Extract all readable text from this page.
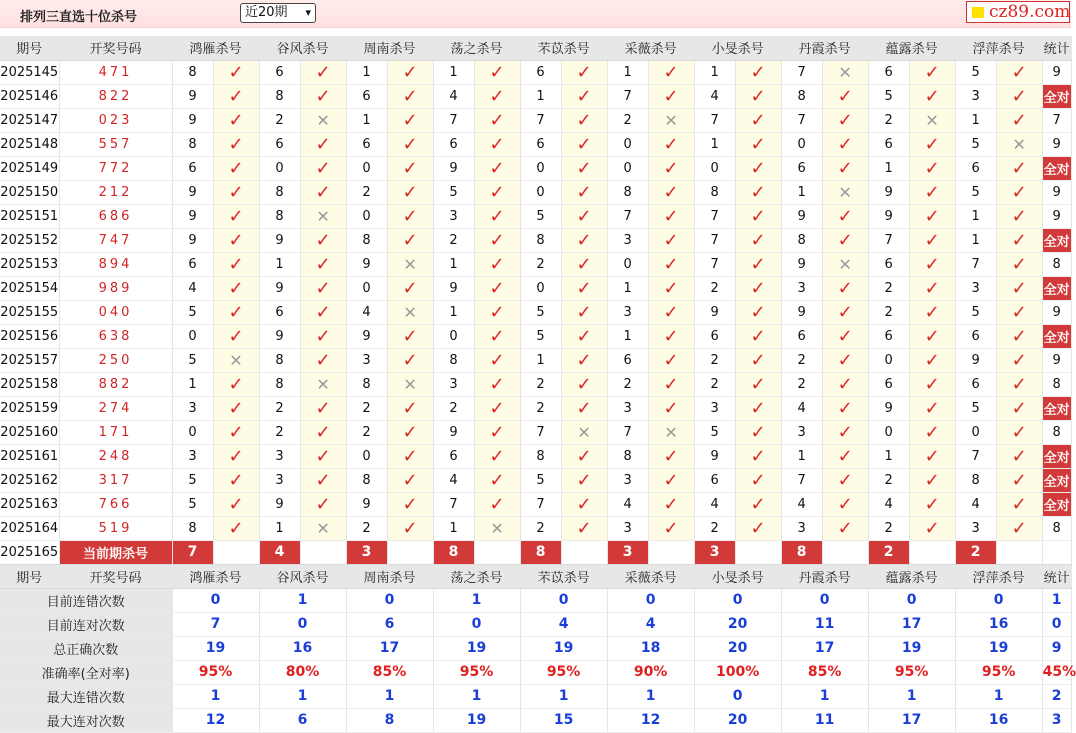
排列三直选十位杀号	近20期 ▾	cz89.com
期号	开奖号码	鸿雁杀号		谷风杀号		周南杀号		荡之杀号		芣苡杀号		采薇杀号		小旻杀号		丹霞杀号		蕴露杀号		浮萍杀号		统计
2025145	471	8	✓	6	✓	1	✓	1	✓	6	✓	1	✓	1	✓	7	✕	6	✓	5	✓	9
2025146	822	9	✓	8	✓	6	✓	4	✓	1	✓	7	✓	4	✓	8	✓	5	✓	3	✓	全对
2025147	023	9	✓	2	✕	1	✓	7	✓	7	✓	2	✕	7	✓	7	✓	2	✕	1	✓	7
2025148	557	8	✓	6	✓	6	✓	6	✓	6	✓	0	✓	1	✓	0	✓	6	✓	5	✕	9
2025149	772	6	✓	0	✓	0	✓	9	✓	0	✓	0	✓	0	✓	6	✓	1	✓	6	✓	全对
2025150	212	9	✓	8	✓	2	✓	5	✓	0	✓	8	✓	8	✓	1	✕	9	✓	5	✓	9
2025151	686	9	✓	8	✕	0	✓	3	✓	5	✓	7	✓	7	✓	9	✓	9	✓	1	✓	9
2025152	747	9	✓	9	✓	8	✓	2	✓	8	✓	3	✓	7	✓	8	✓	7	✓	1	✓	全对
2025153	894	6	✓	1	✓	9	✕	1	✓	2	✓	0	✓	7	✓	9	✕	6	✓	7	✓	8
2025154	989	4	✓	9	✓	0	✓	9	✓	0	✓	1	✓	2	✓	3	✓	2	✓	3	✓	全对
2025155	040	5	✓	6	✓	4	✕	1	✓	5	✓	3	✓	9	✓	9	✓	2	✓	5	✓	9
2025156	638	0	✓	9	✓	9	✓	0	✓	5	✓	1	✓	6	✓	6	✓	6	✓	6	✓	全对
2025157	250	5	✕	8	✓	3	✓	8	✓	1	✓	6	✓	2	✓	2	✓	0	✓	9	✓	9
2025158	882	1	✓	8	✕	8	✕	3	✓	2	✓	2	✓	2	✓	2	✓	6	✓	6	✓	8
2025159	274	3	✓	2	✓	2	✓	2	✓	2	✓	3	✓	3	✓	4	✓	9	✓	5	✓	全对
2025160	171	0	✓	2	✓	2	✓	9	✓	7	✕	7	✕	5	✓	3	✓	0	✓	0	✓	8
2025161	248	3	✓	3	✓	0	✓	6	✓	8	✓	8	✓	9	✓	1	✓	1	✓	7	✓	全对
2025162	317	5	✓	3	✓	8	✓	4	✓	5	✓	3	✓	6	✓	7	✓	2	✓	8	✓	全对
2025163	766	5	✓	9	✓	9	✓	7	✓	7	✓	4	✓	4	✓	4	✓	4	✓	4	✓	全对
2025164	519	8	✓	1	✕	2	✓	1	✕	2	✓	3	✓	2	✓	3	✓	2	✓	3	✓	8
2025165	当前期杀号	7		4		3		8		8		3		3		8		2		2		
期号	开奖号码	鸿雁杀号		谷风杀号		周南杀号		荡之杀号		芣苡杀号		采薇杀号		小旻杀号		丹霞杀号		蕴露杀号		浮萍杀号		统计
目前连错次数		0		1		0		1		0		0		0		0		0		0		1
目前连对次数		7		0		6		0		4		4		20		11		17		16		0
总正确次数		19		16		17		19		19		18		20		17		19		19		9
准确率(全对率)		95%		80%		85%		95%		95%		90%		100%		85%		95%		95%		45%
最大连错次数		1		1		1		1		1		1		0		1		1		1		2
最大连对次数		12		6		8		19		15		12		20		11		17		16		3
